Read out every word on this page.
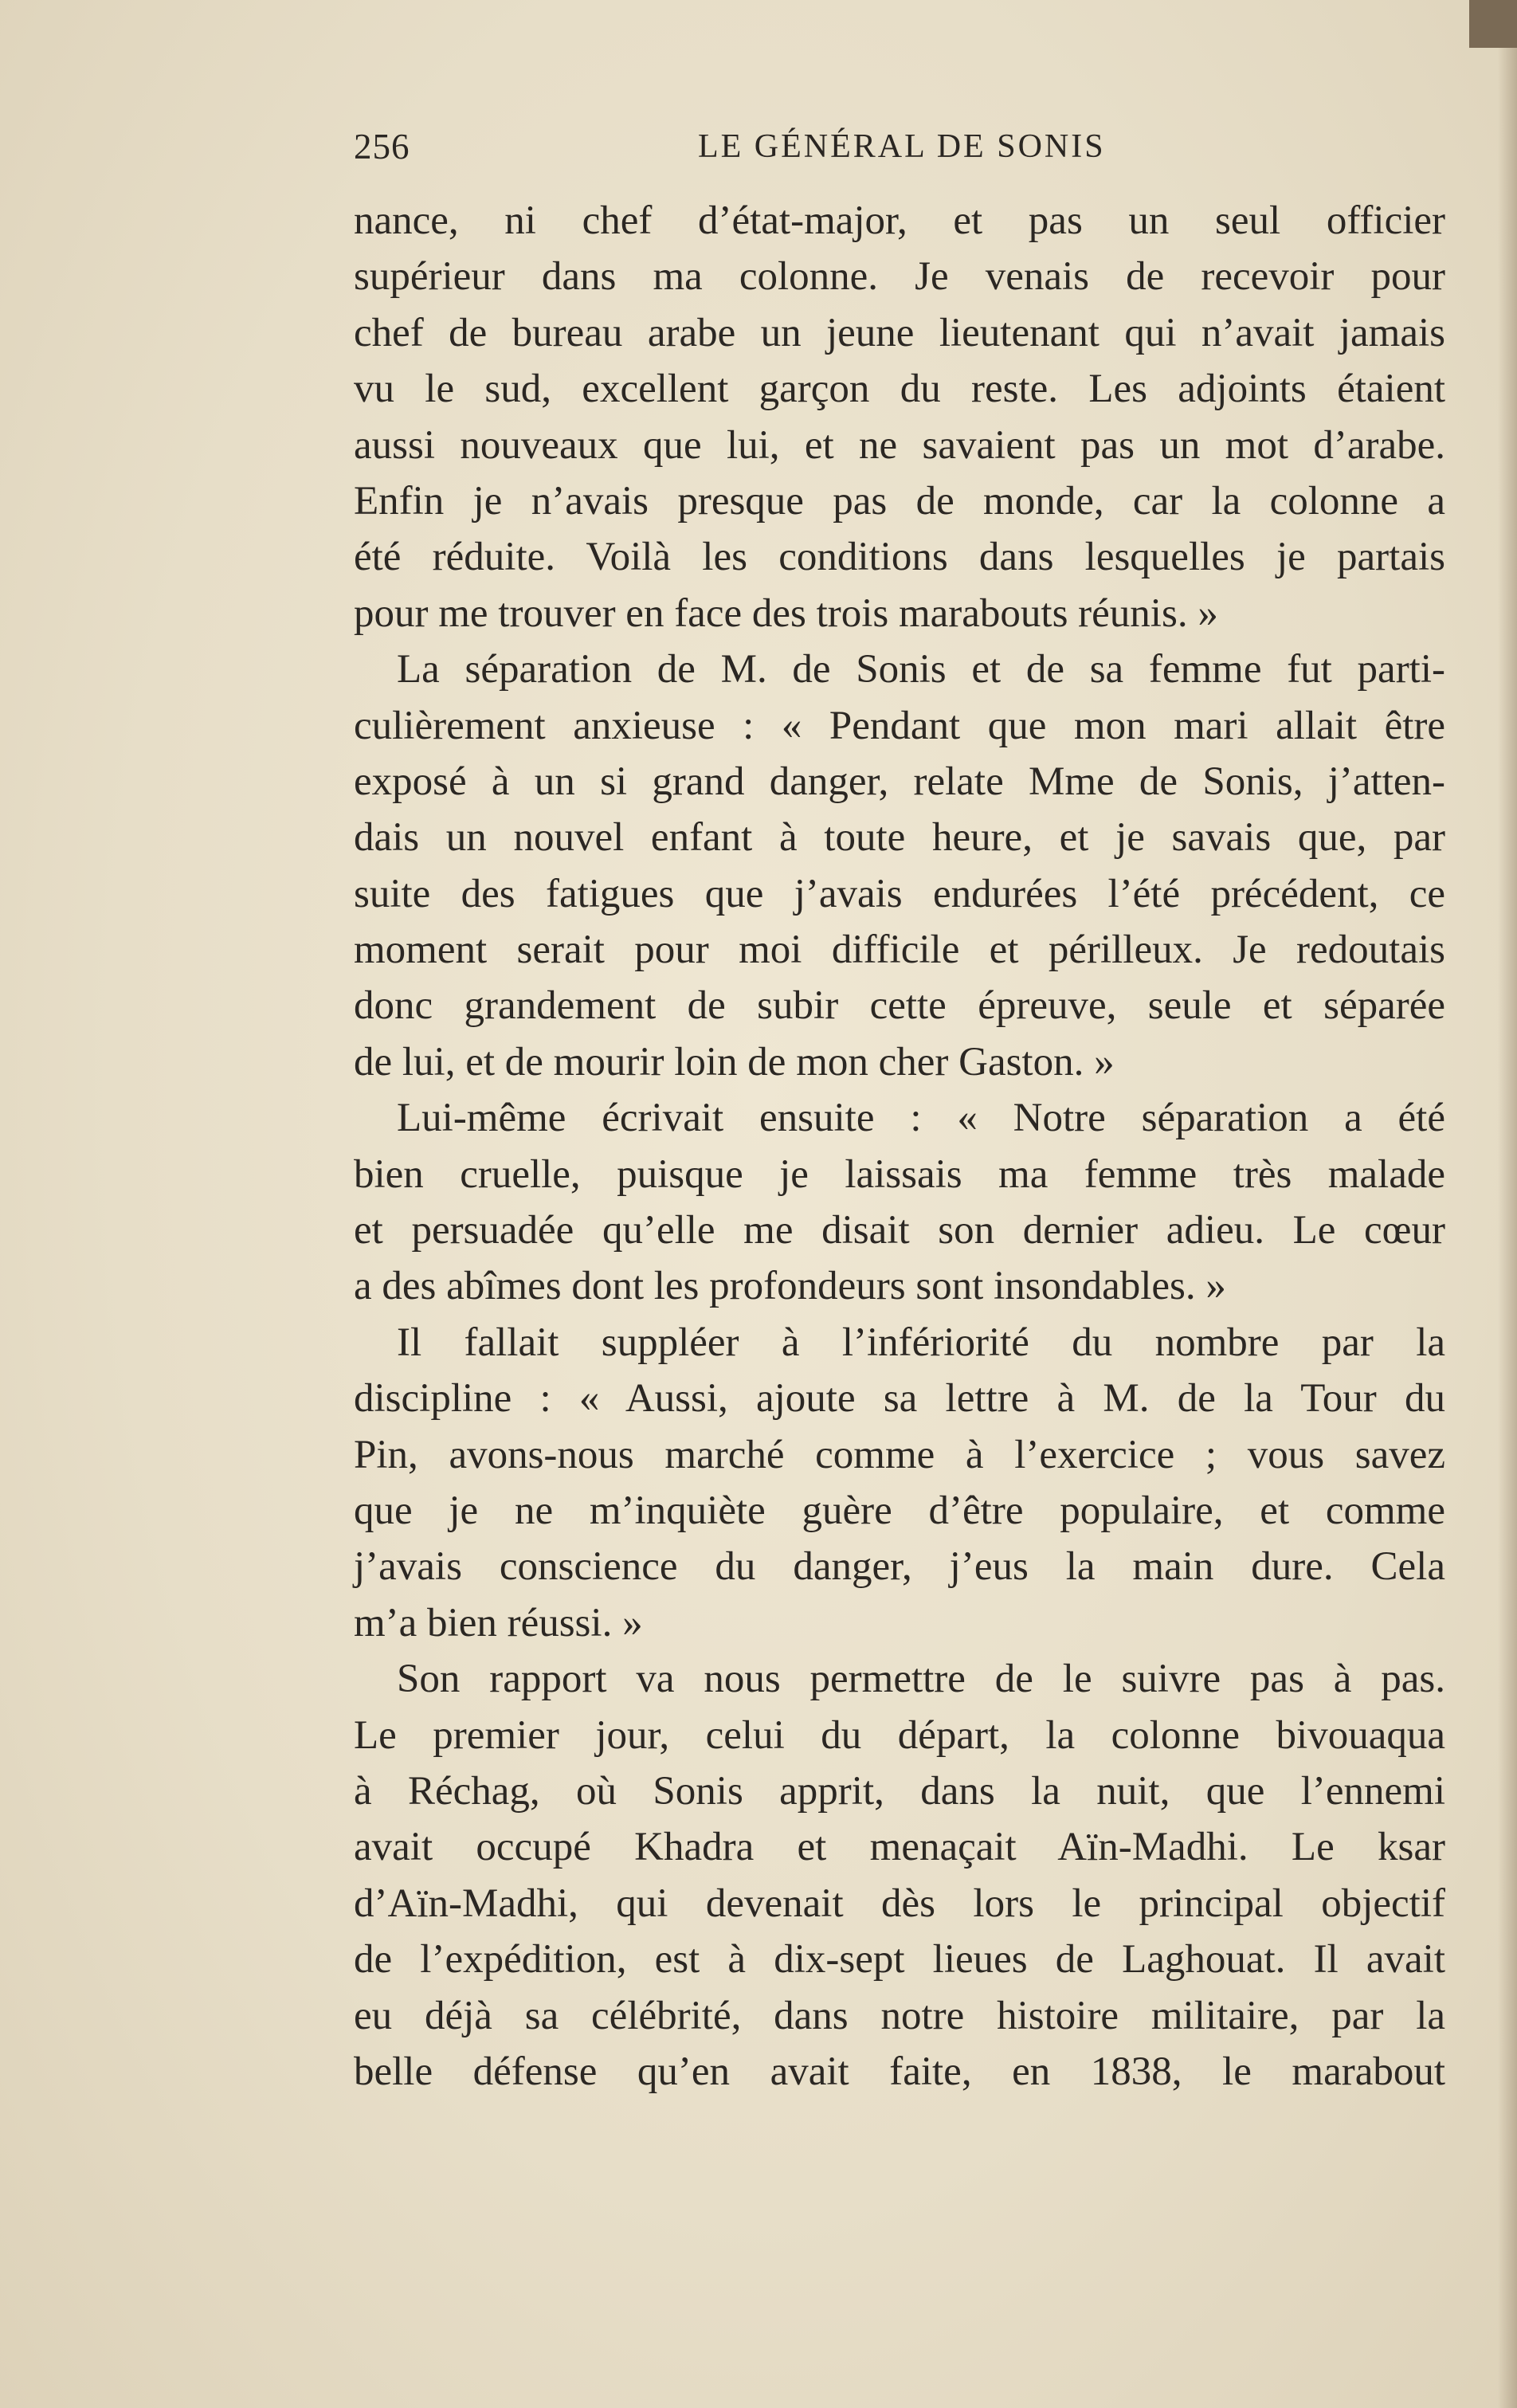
256	LE GÉNÉRAL DE SONIS
nance, ni chef d’état-major, et pas un seul officier
supérieur dans ma colonne. Je venais de recevoir pour
chef de bureau arabe un jeune lieutenant qui n’avait jamais
vu le sud, excellent garçon du reste. Les adjoints étaient
aussi nouveaux que lui, et ne savaient pas un mot d’arabe.
Enfin je n’avais presque pas de monde, car la colonne a
été réduite. Voilà les conditions dans lesquelles je partais
pour me trouver en face des trois marabouts réunis. »
La séparation de M. de Sonis et de sa femme fut parti-
culièrement anxieuse : « Pendant que mon mari allait être
exposé à un si grand danger, relate Mme de Sonis, j’atten-
dais un nouvel enfant à toute heure, et je savais que, par
suite des fatigues que j’avais endurées l’été précédent, ce
moment serait pour moi difficile et périlleux. Je redoutais
donc grandement de subir cette épreuve, seule et séparée
de lui, et de mourir loin de mon cher Gaston. »
Lui-même écrivait ensuite : « Notre séparation a été
bien cruelle, puisque je laissais ma femme très malade
et persuadée qu’elle me disait son dernier adieu. Le cœur
a des abîmes dont les profondeurs sont insondables. »
Il fallait suppléer à l’infériorité du nombre par la
discipline : « Aussi, ajoute sa lettre à M. de la Tour du
Pin, avons-nous marché comme à l’exercice ; vous savez
que je ne m’inquiète guère d’être populaire, et comme
j’avais conscience du danger, j’eus la main dure. Cela
m’a bien réussi. »
Son rapport va nous permettre de le suivre pas à pas.
Le premier jour, celui du départ, la colonne bivouaqua
à Réchag, où Sonis apprit, dans la nuit, que l’ennemi
avait occupé Khadra et menaçait Aïn-Madhi. Le ksar
d’Aïn-Madhi, qui devenait dès lors le principal objectif
de l’expédition, est à dix-sept lieues de Laghouat. Il avait
eu déjà sa célébrité, dans notre histoire militaire, par la
belle défense qu’en avait faite, en 1838, le marabout
